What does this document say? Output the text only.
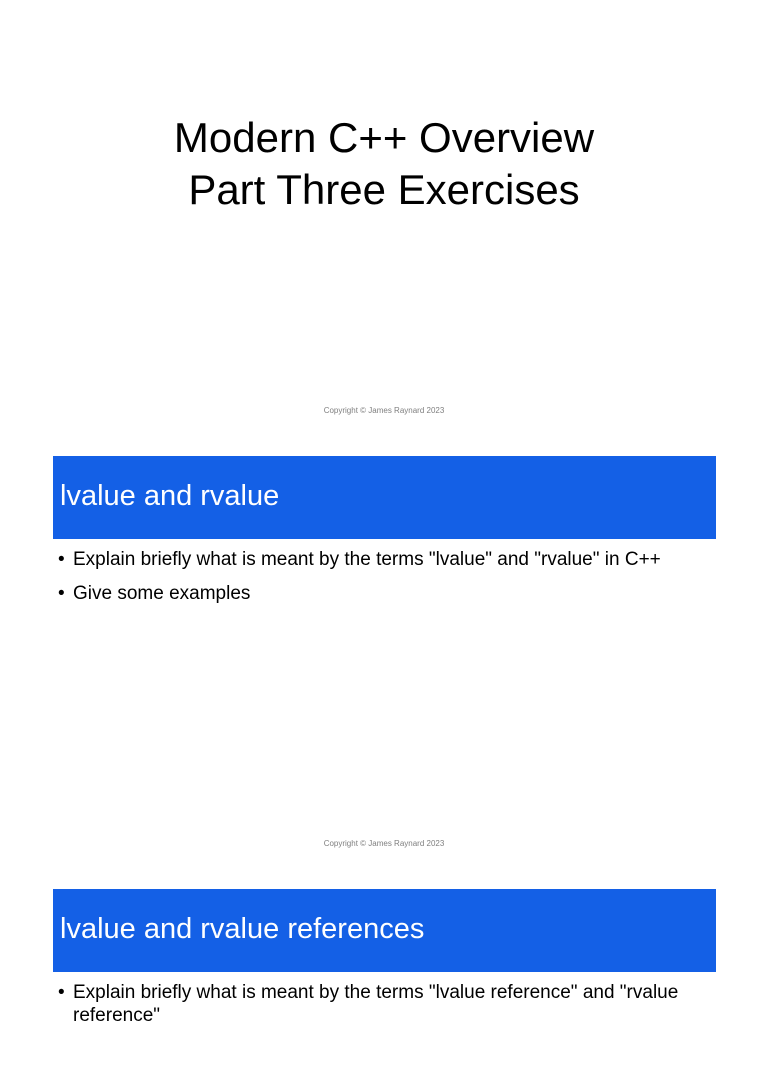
Modern C++ Overview
Part Three Exercises
Copyright © James Raynard 2023
lvalue and rvalue
• Explain briefly what is meant by the terms "lvalue" and "rvalue" in C++
• Give some examples
Copyright © James Raynard 2023
lvalue and rvalue references
• Explain briefly what is meant by the terms "lvalue reference" and "rvalue reference"
